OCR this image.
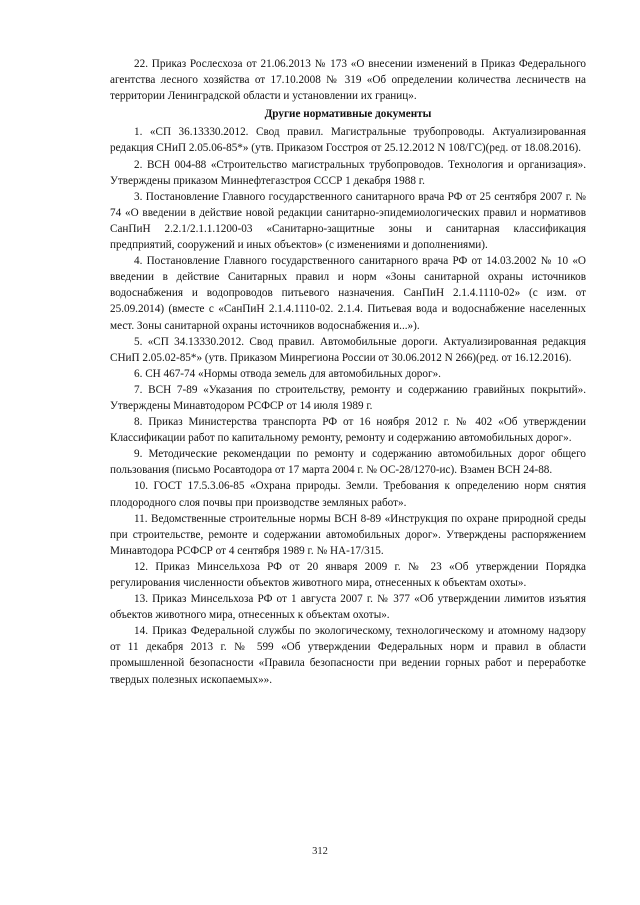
22. Приказ Рослесхоза от 21.06.2013 № 173 «О внесении изменений в Приказ Федерального агентства лесного хозяйства от 17.10.2008 № 319 «Об определении количества лесничеств на территории Ленинградской области и установлении их границ».

Другие нормативные документы

1. «СП 36.13330.2012. Свод правил. Магистральные трубопроводы. Актуализированная редакция СНиП 2.05.06-85*» (утв. Приказом Госстроя от 25.12.2012 N 108/ГС)(ред. от 18.08.2016).

2. ВСН 004-88 «Строительство магистральных трубопроводов. Технология и организация». Утверждены приказом Миннефтегазстроя СССР 1 декабря 1988 г.

3. Постановление Главного государственного санитарного врача РФ от 25 сентября 2007 г. № 74 «О введении в действие новой редакции санитарно-эпидемиологических правил и нормативов СанПиН 2.2.1/2.1.1.1200-03 «Санитарно-защитные зоны и санитарная классификация предприятий, сооружений и иных объектов» (с изменениями и дополнениями).

4. Постановление Главного государственного санитарного врача РФ от 14.03.2002 № 10 «О введении в действие Санитарных правил и норм «Зоны санитарной охраны источников водоснабжения и водопроводов питьевого назначения. СанПиН 2.1.4.1110-02» (с изм. от 25.09.2014) (вместе с «СанПиН 2.1.4.1110-02. 2.1.4. Питьевая вода и водоснабжение населенных мест. Зоны санитарной охраны источников водоснабжения и...»).

5. «СП 34.13330.2012. Свод правил. Автомобильные дороги. Актуализированная редакция СНиП 2.05.02-85*» (утв. Приказом Минрегиона России от 30.06.2012 N 266)(ред. от 16.12.2016).

6. СН 467-74 «Нормы отвода земель для автомобильных дорог».

7. ВСН 7-89 «Указания по строительству, ремонту и содержанию гравийных покрытий». Утверждены Минавтодором РСФСР от 14 июля 1989 г.

8. Приказ Министерства транспорта РФ от 16 ноября 2012 г. № 402 «Об утверждении Классификации работ по капитальному ремонту, ремонту и содержанию автомобильных дорог».

9. Методические рекомендации по ремонту и содержанию автомобильных дорог общего пользования (письмо Росавтодора от 17 марта 2004 г. № ОС-28/1270-ис). Взамен ВСН 24-88.

10. ГОСТ 17.5.3.06-85 «Охрана природы. Земли. Требования к определению норм снятия плодородного слоя почвы при производстве земляных работ».

11. Ведомственные строительные нормы ВСН 8-89 «Инструкция по охране природной среды при строительстве, ремонте и содержании автомобильных дорог». Утверждены распоряжением Минавтодора РСФСР от 4 сентября 1989 г. № НА-17/315.

12. Приказ Минсельхоза РФ от 20 января 2009 г. № 23 «Об утверждении Порядка регулирования численности объектов животного мира, отнесенных к объектам охоты».

13. Приказ Минсельхоза РФ от 1 августа 2007 г. № 377 «Об утверждении лимитов изъятия объектов животного мира, отнесенных к объектам охоты».

14. Приказ Федеральной службы по экологическому, технологическому и атомному надзору от 11 декабря 2013 г. № 599 «Об утверждении Федеральных норм и правил в области промышленной безопасности «Правила безопасности при ведении горных работ и переработке твердых полезных ископаемых»».

312
